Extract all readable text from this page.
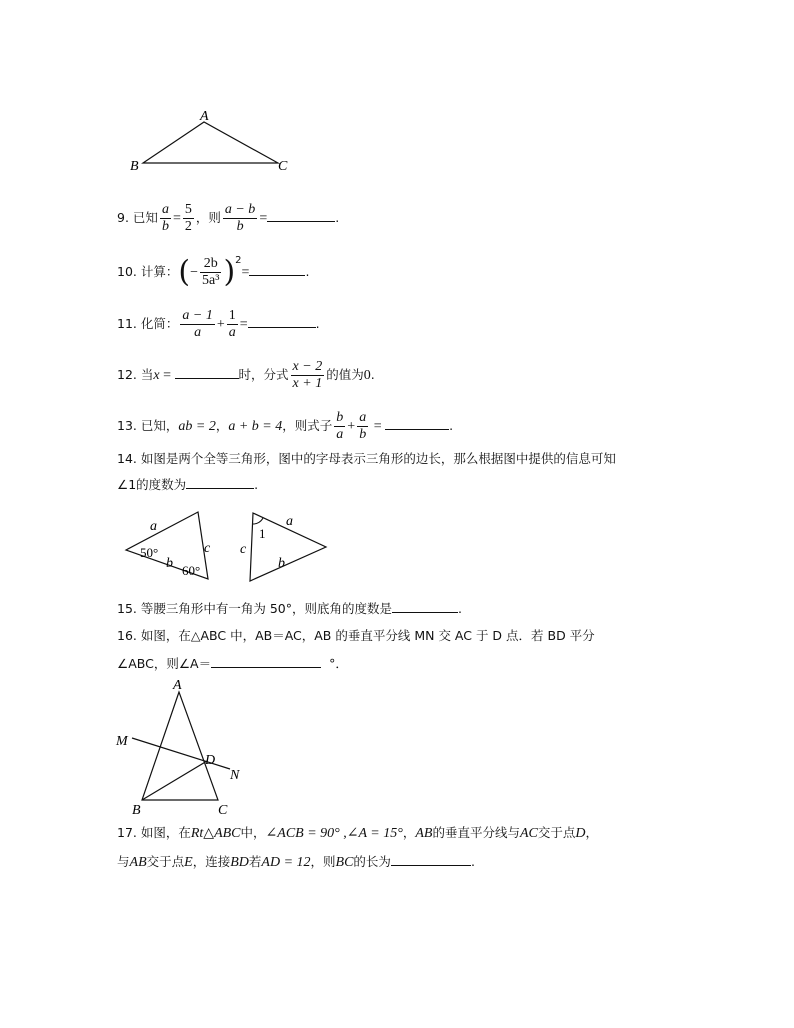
A
B	C
9. 已知 $\frac{a}{b} = \frac{5}{2}$ ，则 $\frac{a - b}{b}$ =	.
10. 计算：(− $\frac{2b}{\text{5a³}} )^2=$	.
11. 化简： $\frac{a - 1}{a} + \frac{1}{a}$ =	.
12. 当x =	时，分式 $\frac{x - 2}{x + 1}$ 的值为0.
13. 已知，ab = 2，a + b = 4，则式子 $\frac{b}{a} + \frac{a}{b}$ =	.
14. 如图是两个全等三角形，图中的字母表示三角形的边长，那么根据图中提供的信息可知
∠1的度数为	.
a
50°
b 60°
c
1
a
c
b
15. 等腰三角形中有一角为 50°，则底角的度数是	.
16. 如图，在△ABC 中，AB＝AC，AB 的垂直平分线 MN 交 AC 于 D 点．若 BD 平分
∠ABC，则∠A＝	°．
A
M
D
N
B	C
17. 如图，在Rt△ABC中，∠ACB = 90° ,∠A = 15°，AB的垂直平分线与AC交于点D，
与AB交于点E，连接BD若AD = 12，则BC的长为	.
